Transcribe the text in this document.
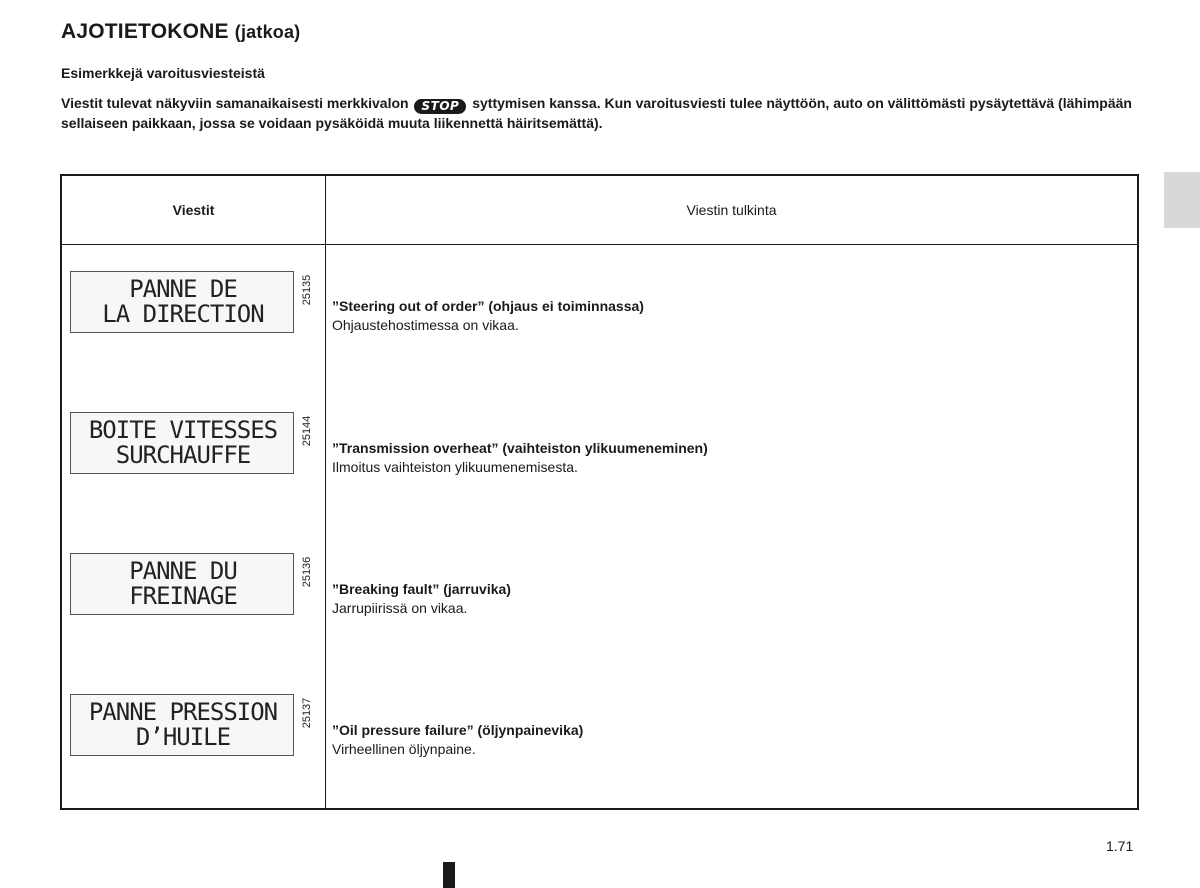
AJOTIETOKONE (jatkoa)
Esimerkkejä varoitusviesteistä
Viestit tulevat näkyviin samanaikaisesti merkkivalon STOP syttymisen kanssa. Kun varoitusviesti tulee näyttöön, auto on välittömästi pysäytettävä (lähimpään sellaiseen paikkaan, jossa se voidaan pysäköidä muuta liikennettä häiritsemättä).
Viestit	Viestin tulkinta
PANNE DE
LA DIRECTION
25135
”Steering out of order” (ohjaus ei toiminnassa)
Ohjaustehostimessa on vikaa.
BOITE VITESSES
SURCHAUFFE
25144
”Transmission overheat” (vaihteiston ylikuumeneminen)
Ilmoitus vaihteiston ylikuumenemisesta.
PANNE DU
FREINAGE
25136
”Breaking fault” (jarruvika)
Jarrupiirissä on vikaa.
PANNE PRESSION
D’HUILE
25137
”Oil pressure failure” (öljynpainevika)
Virheellinen öljynpaine.
1.71
